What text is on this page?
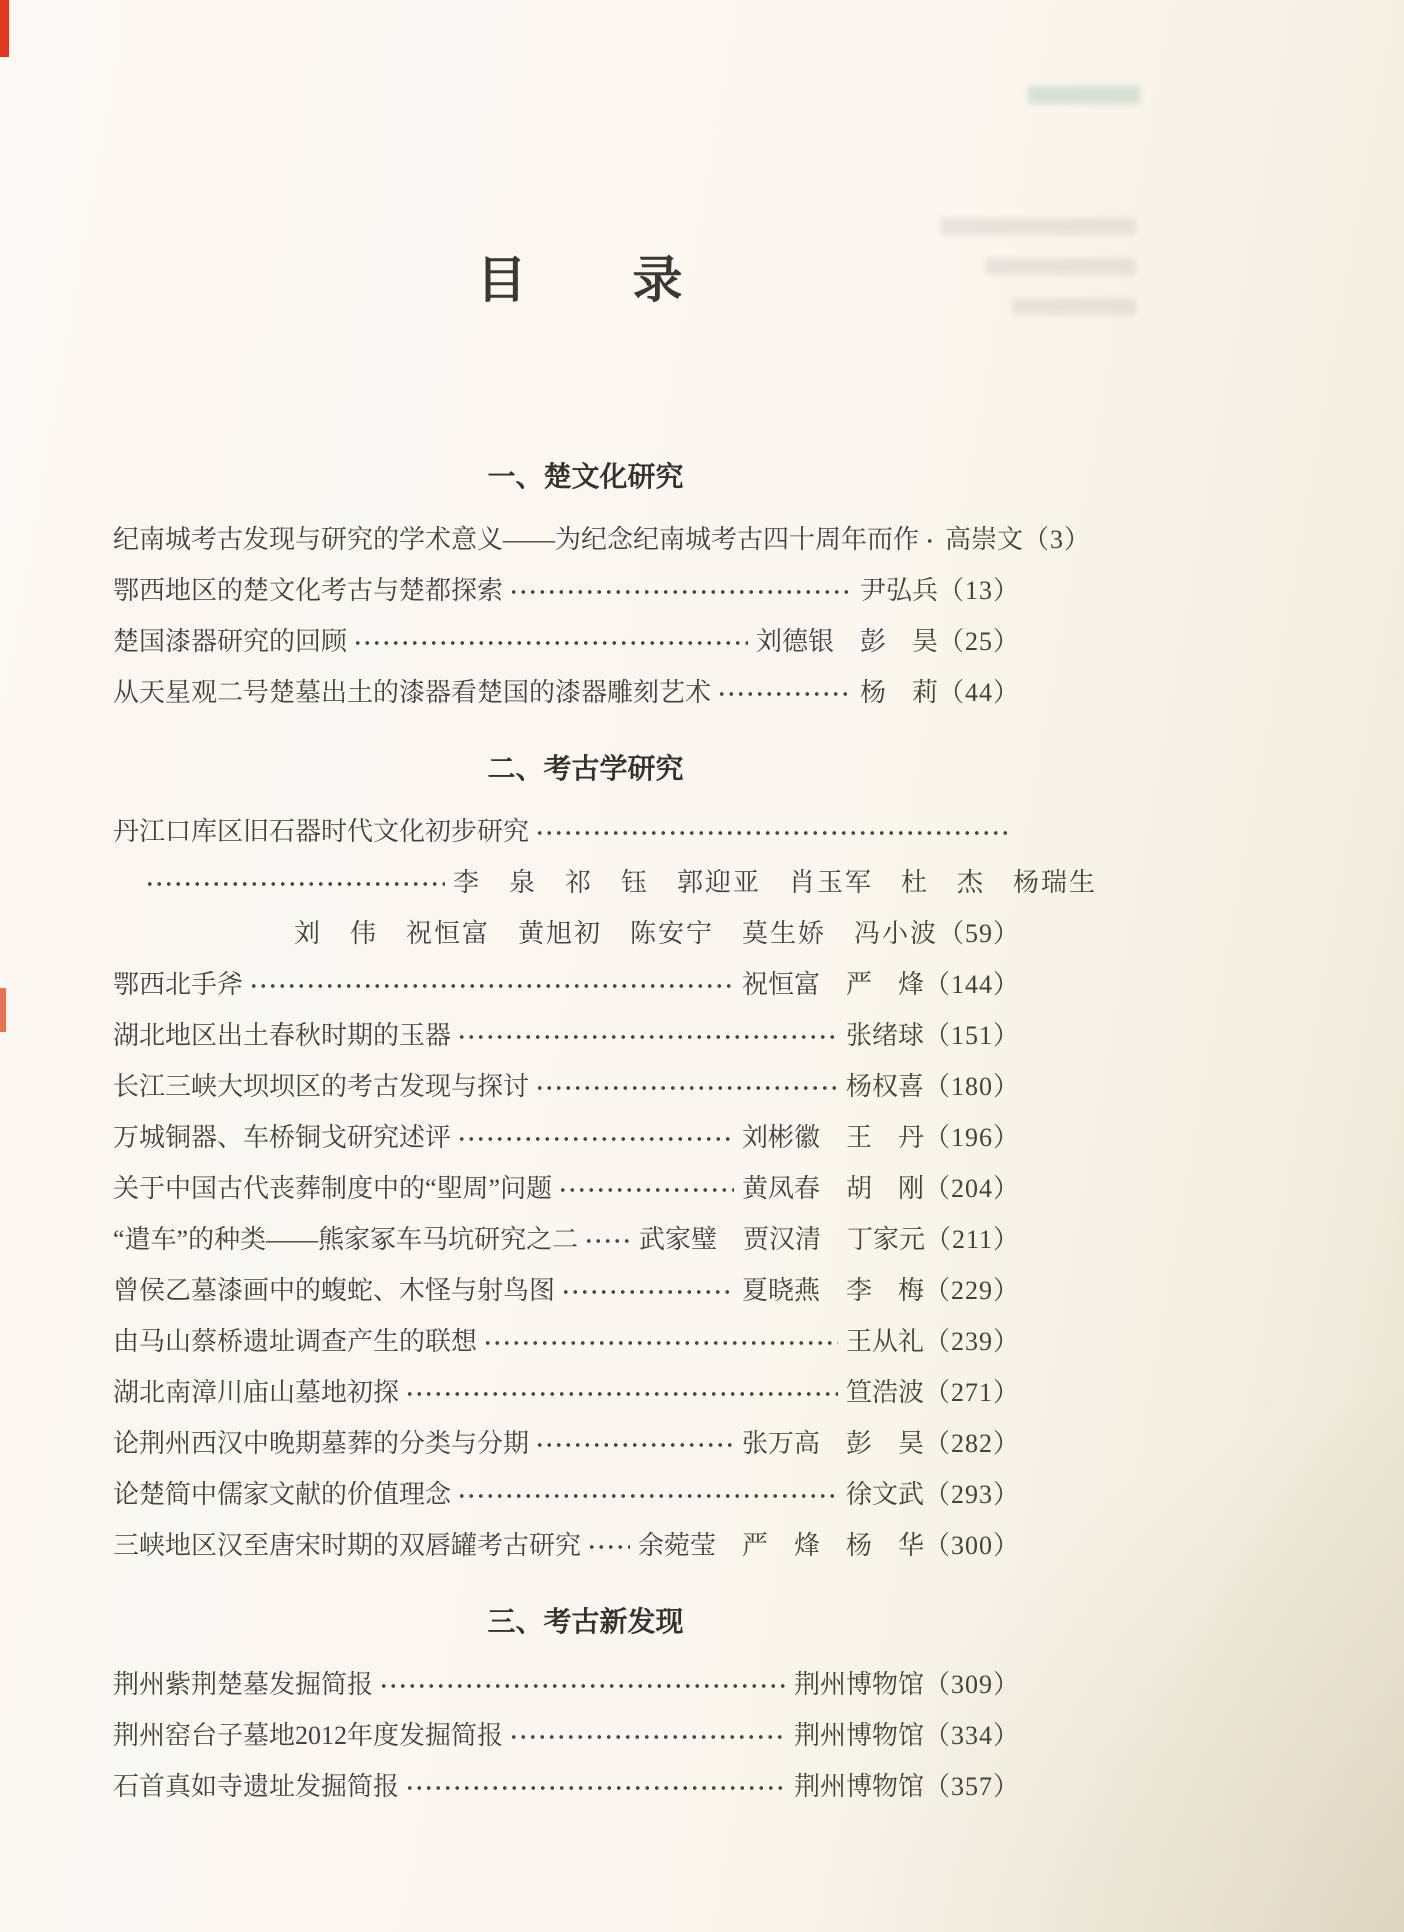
目　　录
一、楚文化研究
纪南城考古发现与研究的学术意义——为纪念纪南城考古四十周年而作 高崇文 （3）
鄂西地区的楚文化考古与楚都探索	尹弘兵 （13）
楚国漆器研究的回顾	刘德银　彭　昊 （25）
从天星观二号楚墓出土的漆器看楚国的漆器雕刻艺术	杨　莉 （44）
二、考古学研究
丹江口库区旧石器时代文化初步研究
李　泉　祁　钰　郭迎亚　肖玉军　杜　杰　杨瑞生
刘　伟　祝恒富　黄旭初　陈安宁　莫生娇　冯小波 （59）
鄂西北手斧	祝恒富　严　烽 （144）
湖北地区出土春秋时期的玉器	张绪球 （151）
长江三峡大坝坝区的考古发现与探讨	杨权喜 （180）
万城铜器、车桥铜戈研究述评	刘彬徽　王　丹 （196）
关于中国古代丧葬制度中的“堲周”问题	黄凤春　胡　刚 （204）
“遣车”的种类——熊家冢车马坑研究之二 武家璧　贾汉清　丁家元 （211）
曾侯乙墓漆画中的蝮蛇、木怪与射鸟图	夏晓燕　李　梅 （229）
由马山蔡桥遗址调查产生的联想	王从礼 （239）
湖北南漳川庙山墓地初探	笪浩波 （271）
论荆州西汉中晚期墓葬的分类与分期	张万高　彭　昊 （282）
论楚简中儒家文献的价值理念	徐文武 （293）
三峡地区汉至唐宋时期的双唇罐考古研究 余菀莹　严　烽　杨　华 （300）
三、考古新发现
荆州紫荆楚墓发掘简报	荆州博物馆 （309）
荆州窑台子墓地2012年度发掘简报	荆州博物馆 （334）
石首真如寺遗址发掘简报	荆州博物馆 （357）
